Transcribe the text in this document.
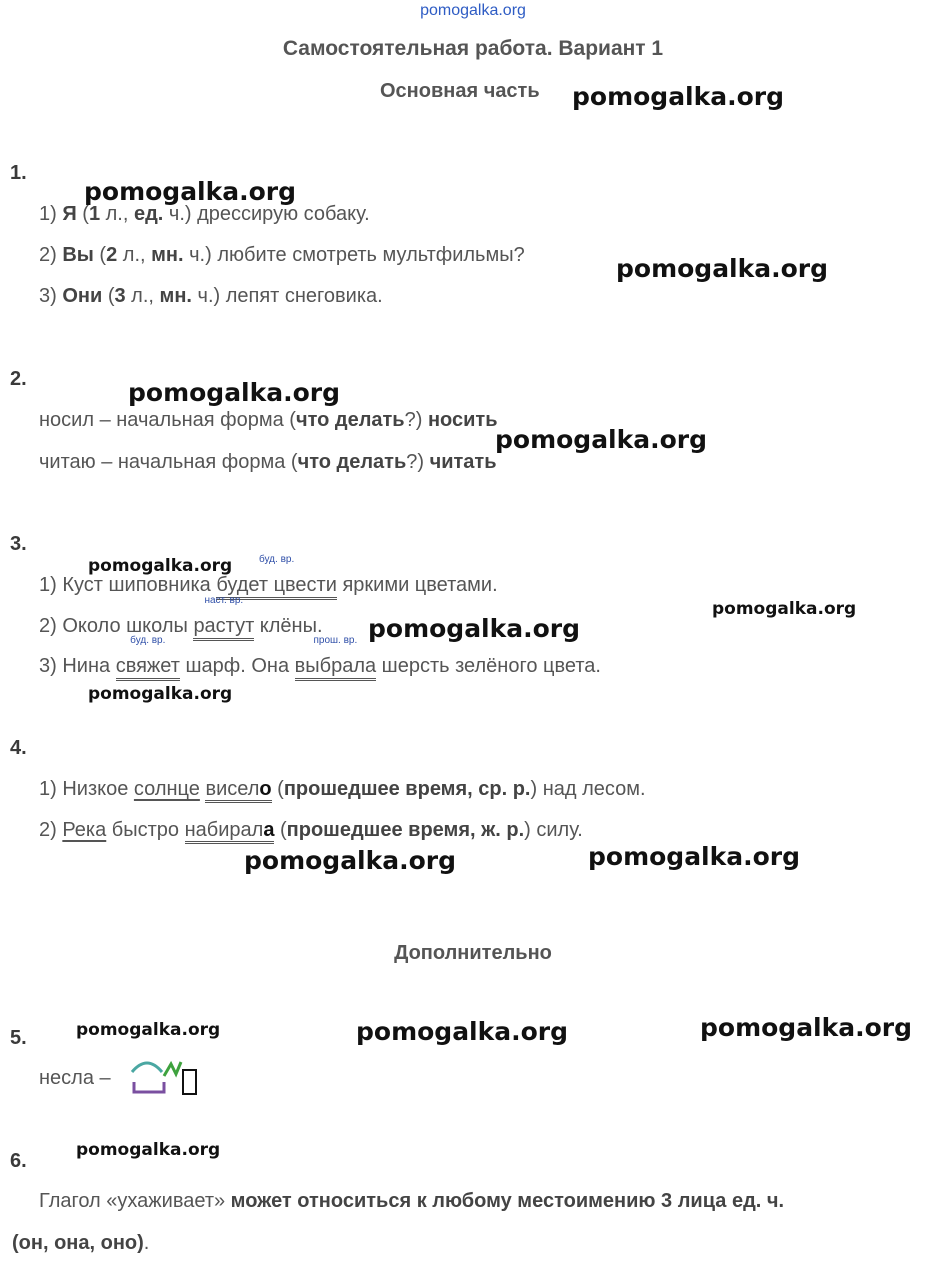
pomogalka.org
Самостоятельная работа. Вариант 1
Основная часть
1.
1) Я (1 л., ед. ч.) дрессирую собаку.
2) Вы (2 л., мн. ч.) любите смотреть мультфильмы?
3) Они (3 л., мн. ч.) лепят снеговика.
2.
носил – начальная форма (что делать?) носить
читаю – начальная форма (что делать?) читать
3.
1) Куст шиповника
буд. вр.
будет цвести яркими цветами.
2) Около школы
наст. вр.
растут клёны.
3) Нина
буд. вр.
свяжет шарф. Она
прош. вр.
выбрала шерсть зелёного цвета.
4.
1) Низкое солнце висело (прошедшее время, ср. р.) над лесом.
2) Река быстро набирала (прошедшее время, ж. р.) силу.
Дополнительно
5.
несла –
6.
Глагол «ухаживает» может относиться к любому местоимению 3 лица ед. ч.
(он, она, оно).
pomogalka.org
pomogalka.org
pomogalka.org
pomogalka.org
pomogalka.org
pomogalka.org
pomogalka.org
pomogalka.org
pomogalka.org
pomogalka.org	pomogalka.org
pomogalka.org	pomogalka.org	pomogalka.org
pomogalka.org
